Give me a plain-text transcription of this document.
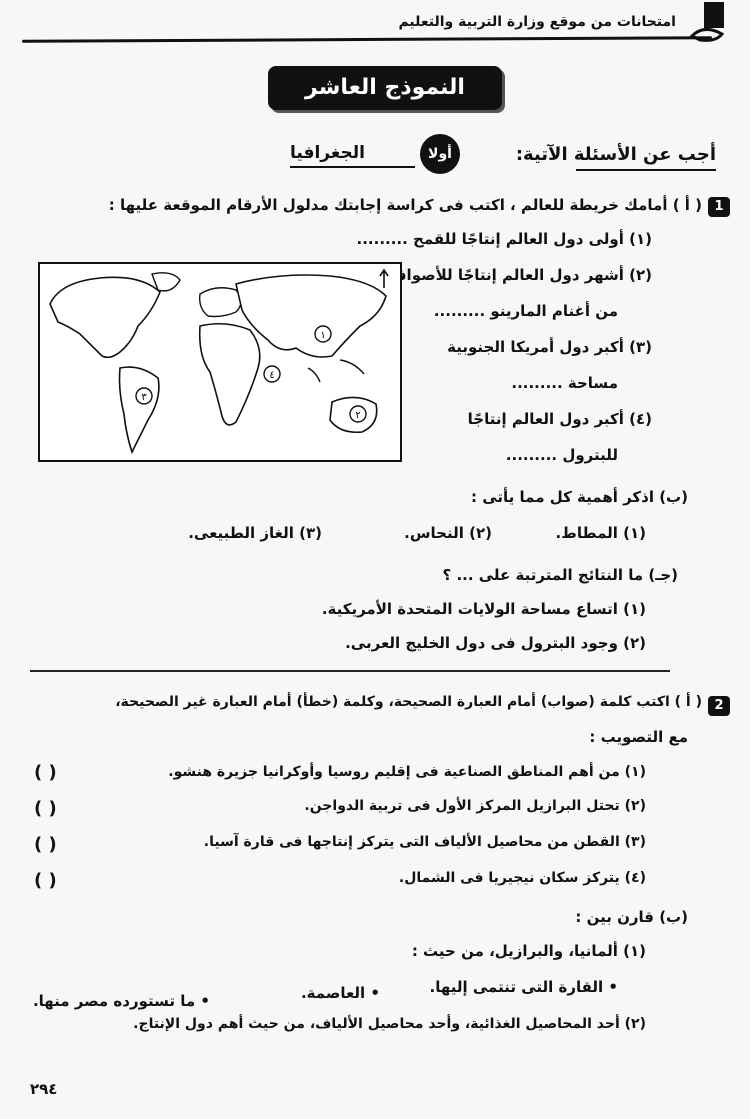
امتحانات من موقع وزارة التربية والتعليم
النموذج العاشر
أجب عن الأسئلة الآتية:
أولا
الجغرافيا
1
( أ ) أمامك خريطة للعالم ، اكتب فى كراسة إجابتك مدلول الأرقام الموقعة عليها :
(١) أولى دول العالم إنتاجًا للقمح .........
(٢) أشهر دول العالم إنتاجًا للأصواف
من أغنام المارينو .........
(٣) أكبر دول أمريكا الجنوبية
مساحة .........
(٤) أكبر دول العالم إنتاجًا
للبترول .........
١
٤
٣
٢
(ب) اذكر أهمية كل مما يأتى :
(١) المطاط.
(٢) النحاس.
(٣) الغاز الطبيعى.
(جـ) ما النتائج المترتبة على ... ؟
(١) اتساع مساحة الولايات المتحدة الأمريكية.
(٢) وجود البترول فى دول الخليج العربى.
2
( أ ) اكتب كلمة (صواب) أمام العبارة الصحيحة، وكلمة (خطأ) أمام العبارة غير الصحيحة،
مع التصويب :
(١) من أهم المناطق الصناعية فى إقليم روسيا وأوكرانيا جزيرة هنشو.
(٢) تحتل البرازيل المركز الأول فى تربية الدواجن.
(٣) القطن من محاصيل الألياف التى يتركز إنتاجها فى قارة آسيا.
(٤) يتركز سكان نيجيريا فى الشمال.
( )
( )
( )
( )
(ب) قارن بين :
(١) ألمانيا، والبرازيل، من حيث :
• القارة التى تنتمى إليها.
• العاصمة.
• ما تستورده مصر منها.
(٢) أحد المحاصيل الغذائية، وأحد محاصيل الألياف، من حيث أهم دول الإنتاج.
٢٩٤
